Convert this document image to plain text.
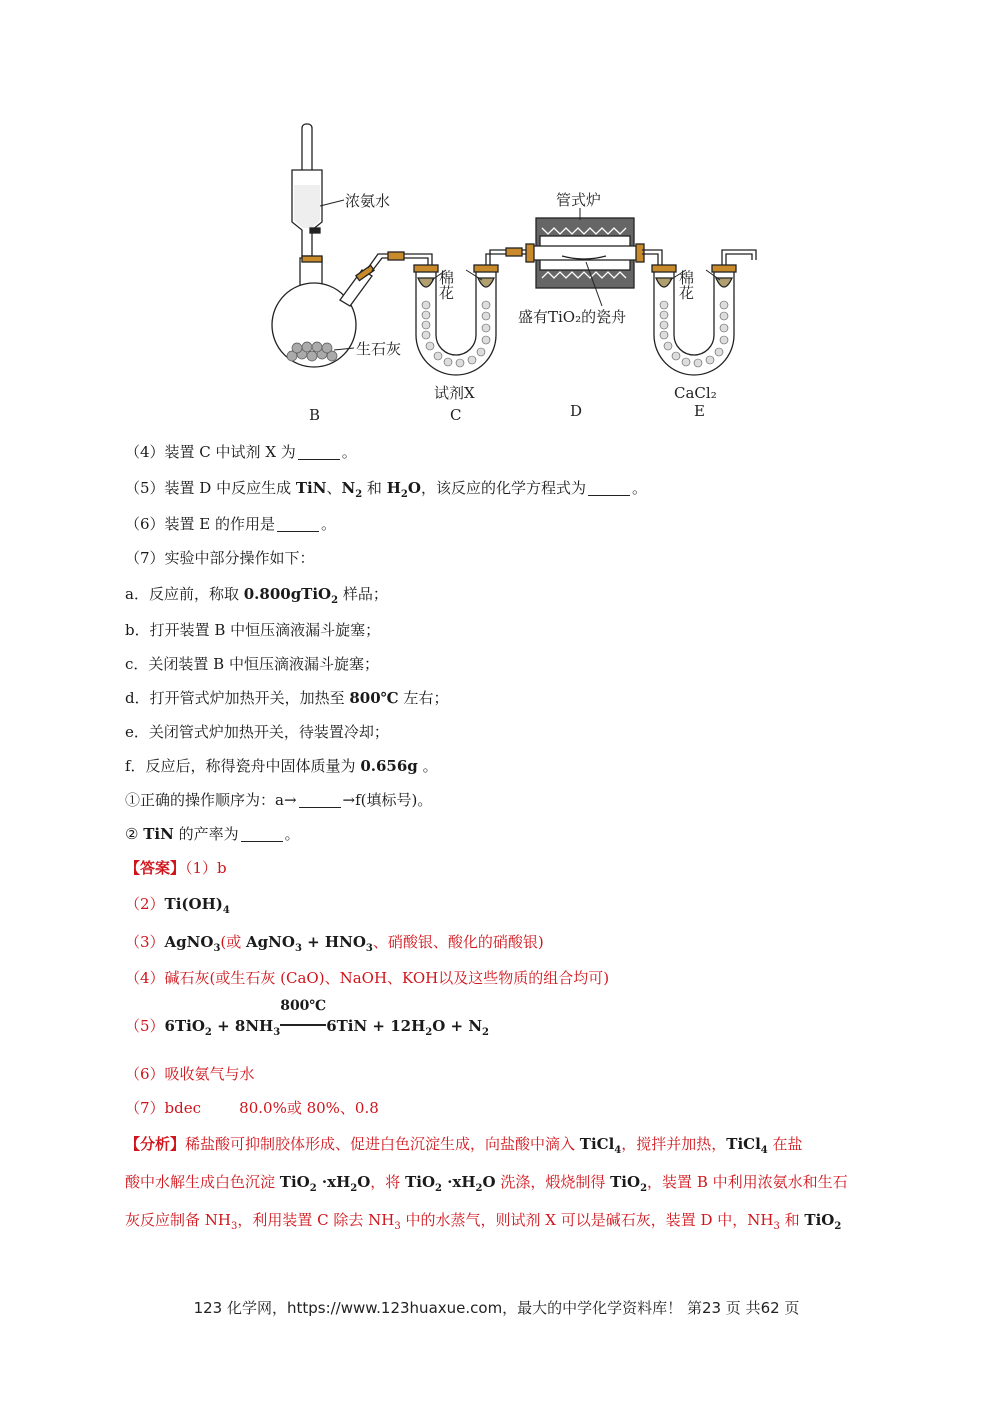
浓氨水
生石灰
管式炉
棉花
盛有TiO₂的瓷舟
棉花
试剂X	CaCl₂
B	C	D	E
（4）装置 C 中试剂 X 为	。
（5）装置 D 中反应生成 TiN、$N_2$ 和 $H_2O$，该反应的化学方程式为	。
（6）装置 E 的作用是	。
（7）实验中部分操作如下：
a．反应前，称取 0.800gTiO$_2$ 样品；
b．打开装置 B 中恒压滴液漏斗旋塞；
c．关闭装置 B 中恒压滴液漏斗旋塞；
d．打开管式炉加热开关，加热至 800℃ 左右；
e．关闭管式炉加热开关，待装置冷却；
f．反应后，称得瓷舟中固体质量为 0.656g 。
①正确的操作顺序为：a→	→f(填标号)。
② TiN 的产率为	。
【答案】（1）b
$(2)Ti(OH)_4$
（3）AgNO$_3$(或 AgNO$_3$ + $HNO_3$、硝酸银、酸化的硝酸银)
（4）碱石灰(或生石灰 (CaO)、NaOH、KOH以及这些物质的组合均可)
$(5)6TiO_2 + 8NH_3$
800℃
$6TiN + 12H_2O + N_2$
（6）吸收氨气与水
（7）bdec        80.0%或 80%、0.8
【分析】稀盐酸可抑制胶体形成、促进白色沉淀生成，向盐酸中滴入 TiCl$_4$，搅拌并加热，TiCl$_4$ 在盐
酸中水解生成白色沉淀 $TiO_2 \cdot xH_2O$，将 $TiO_2 \cdot xH_2O$ 洗涤，煅烧制得 TiO$_2$，装置 B 中利用浓氨水和生石
灰反应制备 $NH_3$，利用装置 C 除去 $NH_3$ 中的水蒸气，则试剂 X 可以是碱石灰，装置 D 中，$NH_3$ 和 TiO$_2$
123 化学网，https://www.123huaxue.com，最大的中学化学资料库！ 第23 页 共62 页
